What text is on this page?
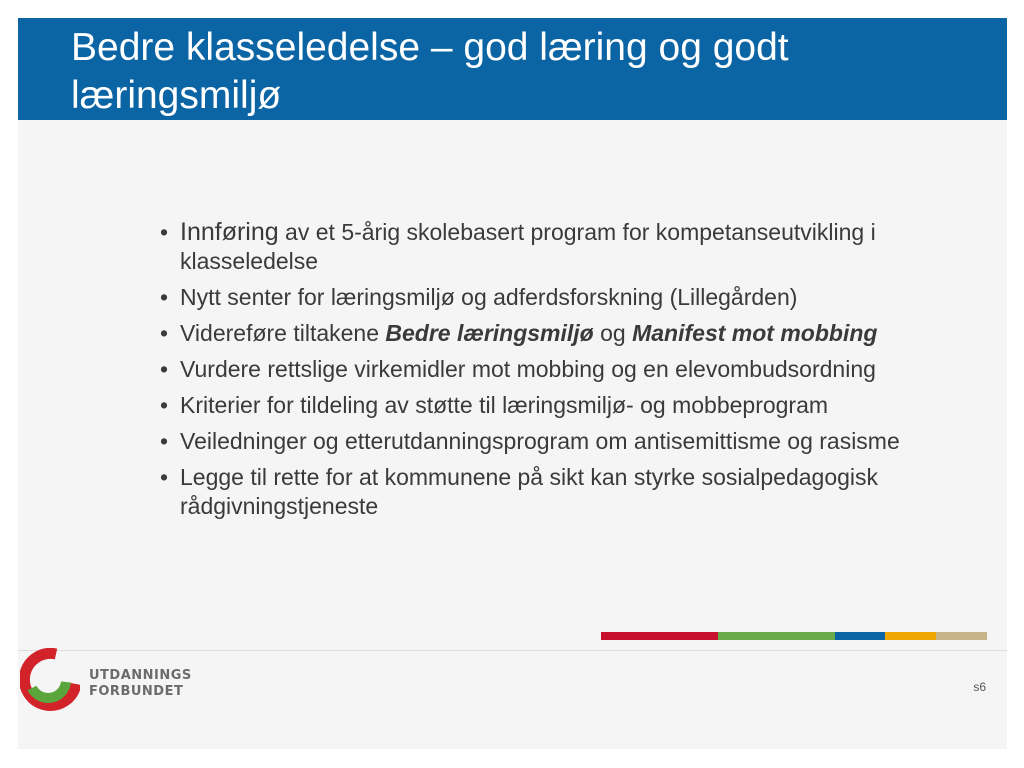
Bedre klasseledelse – god læring og godt læringsmiljø
• Innføring av et 5-årig skolebasert program for kompetanseutvikling i klasseledelse
• Nytt senter for læringsmiljø og adferdsforskning (Lillegården)
• Videreføre tiltakene Bedre læringsmiljø og Manifest mot mobbing
• Vurdere rettslige virkemidler mot mobbing og en elevombudsordning
• Kriterier for tildeling av støtte til læringsmiljø- og mobbeprogram
• Veiledninger og etterutdanningsprogram om antisemittisme og rasisme
• Legge til rette for at kommunene på sikt kan styrke sosialpedagogisk rådgivningstjeneste
UTDANNINGS
FORBUNDET	s6
